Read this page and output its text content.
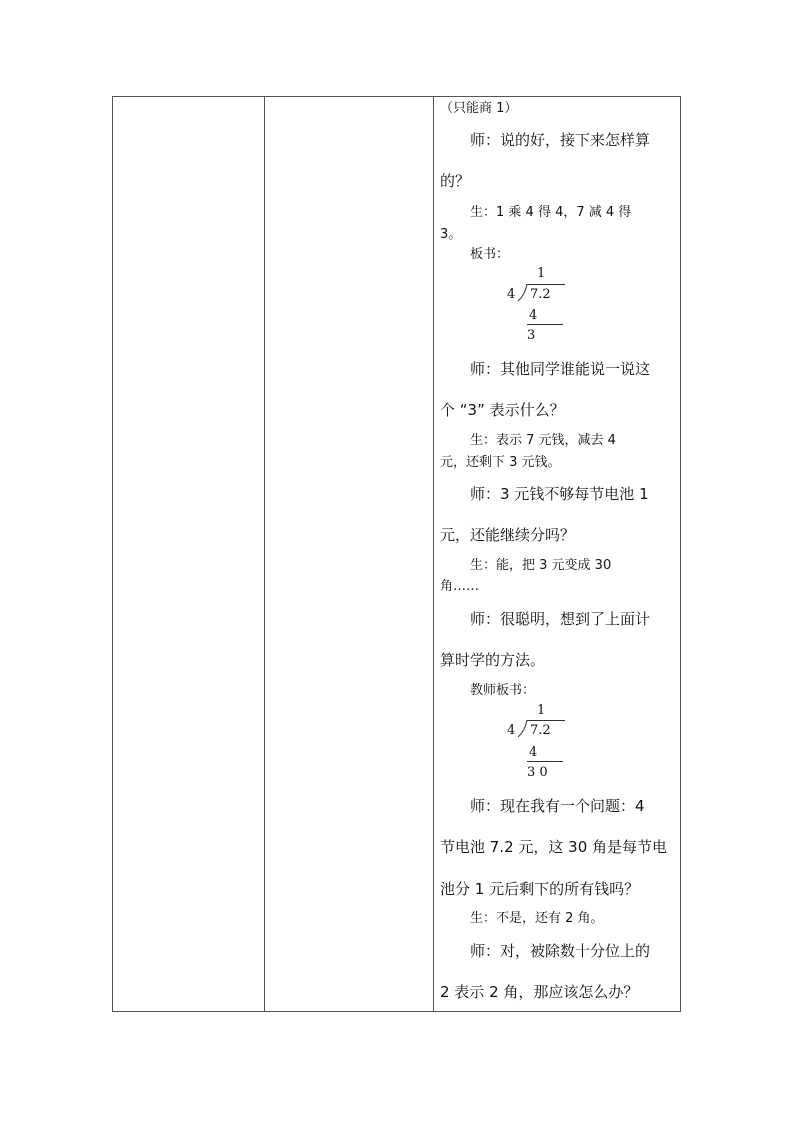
（只能商 1）
师：说的好，接下来怎样算
的？
生：1 乘 4 得 4，7 减 4 得
3。
板书：
1
4 7.2
4
3
师：其他同学谁能说一说这
个 “3” 表示什么？
生：表示 7 元钱，减去 4
元，还剩下 3 元钱。
师：3 元钱不够每节电池 1
元，还能继续分吗？
生：能，把 3 元变成 30
角……
师：很聪明，想到了上面计
算时学的方法。
教师板书：
1
4 7.2
4
3 0
师：现在我有一个问题：4
节电池 7.2 元，这 30 角是每节电
池分 1 元后剩下的所有钱吗？
生：不是，还有 2 角。
师：对，被除数十分位上的
2 表示 2 角，那应该怎么办？
